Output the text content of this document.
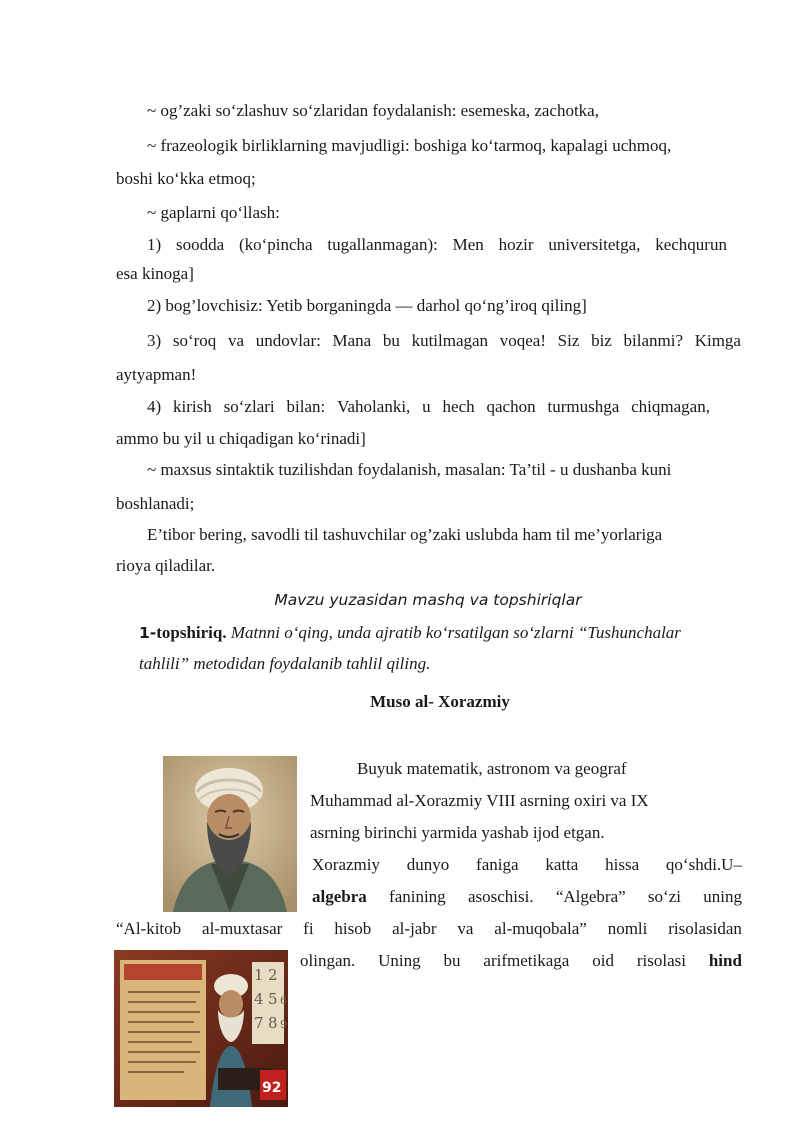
~ og’zaki so‘zlashuv so‘zlaridan foydalanish: esemeska, zachotka,
~ frazeologik birliklarning mavjudligi: boshiga ko‘tarmoq, kapalagi uchmoq,
boshi ko‘kka etmoq;
~ gaplarni qo‘llash:
1) soodda (ko‘pincha tugallanmagan): Men hozir universitetga, kechqurun
esa kinoga]
2) bog’lovchisiz: Yetib borganingda — darhol qo‘ng’iroq qiling]
3) so‘roq va undovlar: Mana bu kutilmagan voqea! Siz biz bilanmi? Kimga
aytyapman!
4) kirish so‘zlari bilan: Vaholanki, u hech qachon turmushga chiqmagan,
ammo bu yil u chiqadigan ko‘rinadi]
~ maxsus sintaktik tuzilishdan foydalanish, masalan: Ta’til - u dushanba kuni
boshlanadi;
E’tibor bering, savodli til tashuvchilar og’zaki uslubda ham til me’yorlariga
rioya qiladilar.
Mavzu yuzasidan mashq va topshiriqlar
1-topshiriq. Matnni o‘qing, unda ajratib ko‘rsatilgan so‘zlarni “Tushunchalar
tahlili” metodidan foydalanib tahlil qiling.
Muso al- Xorazmiy
Buyuk matematik, astronom va geograf
Muhammad al-Xorazmiy VIII asrning oxiri va IX
asrning birinchi yarmida yashab ijod etgan.
Xorazmiy dunyo faniga katta hissa qo‘shdi.U–
algebra fanining asoschisi. “Algebra” so‘zi uning
“Al-kitob al-muxtasar fi hisob al-jabr va al-muqobala” nomli risolasidan
olingan. Uning bu arifmetikaga oid risolasi hind
1 2
4 5 6
7 8 9
92
